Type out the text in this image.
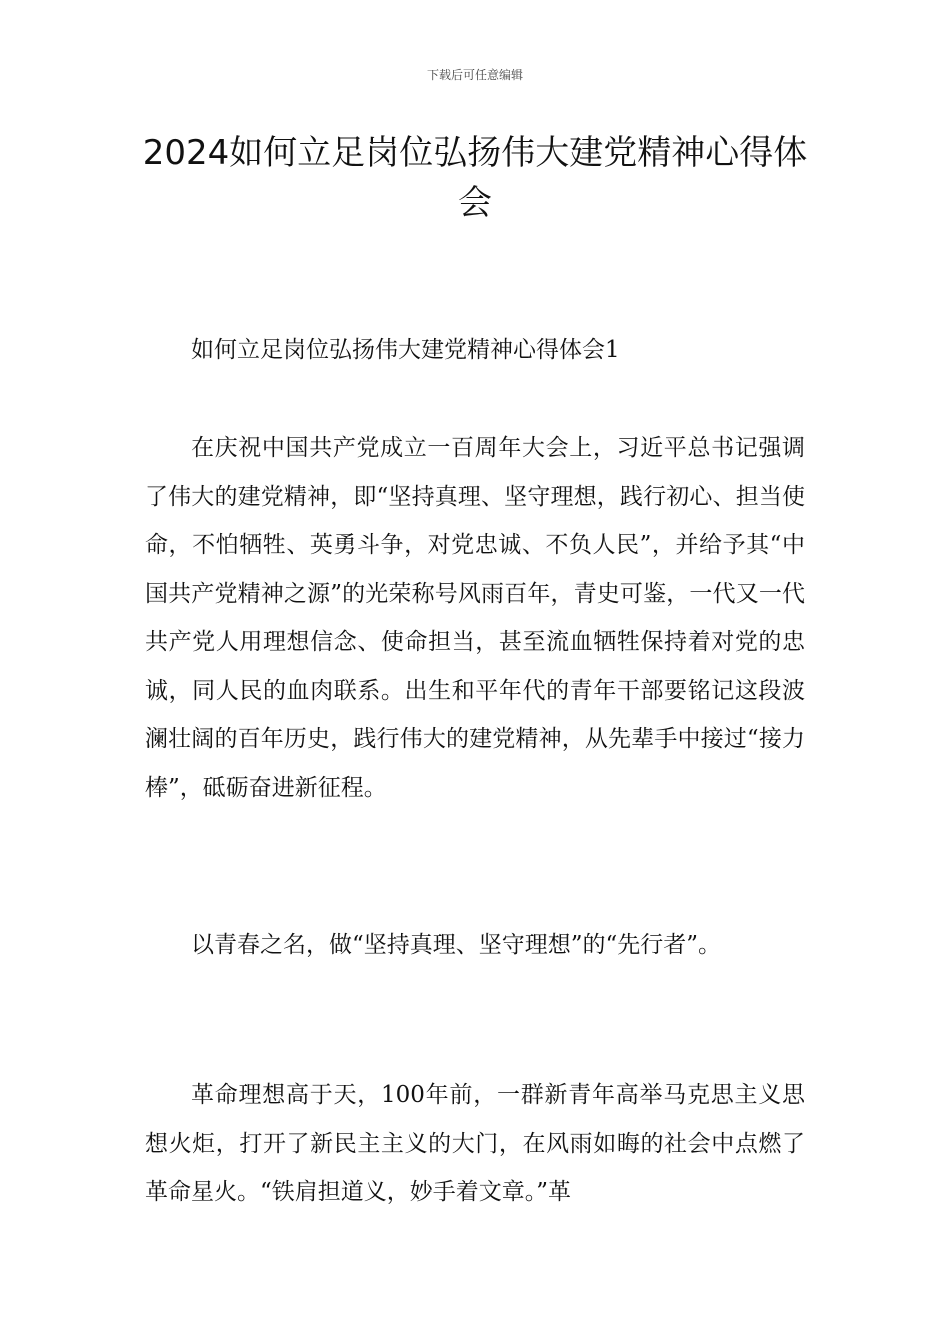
下载后可任意编辑
2024如何立足岗位弘扬伟大建党精神心得体会

如何立足岗位弘扬伟大建党精神心得体会1

在庆祝中国共产党成立一百周年大会上，习近平总书记强调了伟大的建党精神，即“坚持真理、坚守理想，践行初心、担当使命，不怕牺牲、英勇斗争，对党忠诚、不负人民”，并给予其“中国共产党精神之源”的光荣称号风雨百年，青史可鉴，一代又一代共产党人用理想信念、使命担当，甚至流血牺牲保持着对党的忠诚，同人民的血肉联系。出生和平年代的青年干部要铭记这段波澜壮阔的百年历史，践行伟大的建党精神，从先辈手中接过“接力棒”，砥砺奋进新征程。

以青春之名，做“坚持真理、坚守理想”的“先行者”。

革命理想高于天，100年前，一群新青年高举马克思主义思想火炬，打开了新民主主义的大门，在风雨如晦的社会中点燃了革命星火。“铁肩担道义，妙手着文章。”革
